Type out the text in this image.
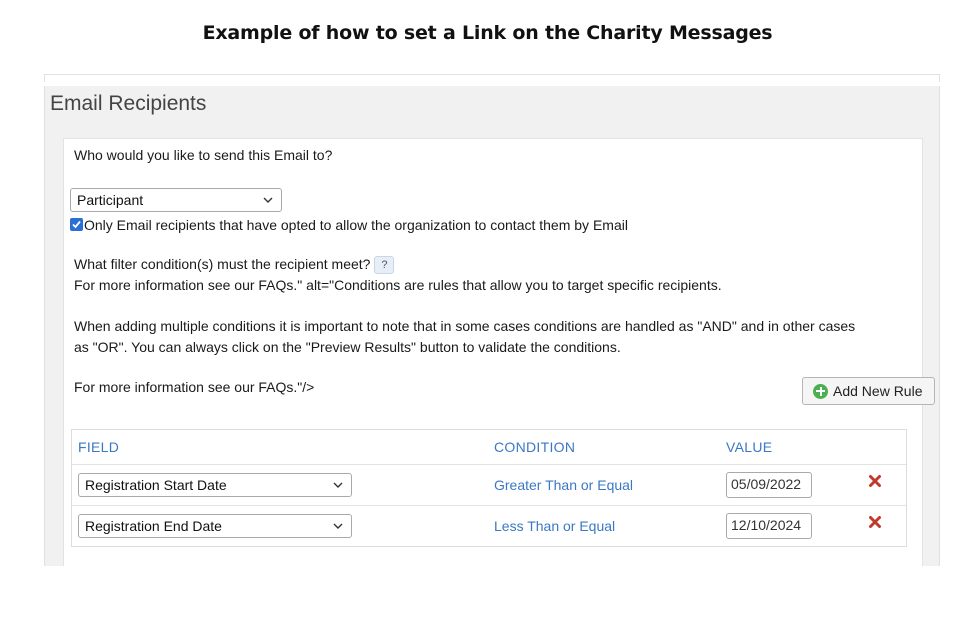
Example of how to set a Link on the Charity Messages
Email Recipients
Who would you like to send this Email to?
Participant
Only Email recipients that have opted to allow the organization to contact them by Email
What filter condition(s) must the recipient meet? ?
For more information see our FAQs." alt="Conditions are rules that allow you to target specific recipients.
When adding multiple conditions it is important to note that in some cases conditions are handled as "AND" and in other cases
as "OR". You can always click on the "Preview Results" button to validate the conditions.
For more information see our FAQs."/>	Add New Rule
FIELD	CONDITION	VALUE
Registration Start Date	Greater Than or Equal	05/09/2022
Registration End Date	Less Than or Equal	12/10/2024
